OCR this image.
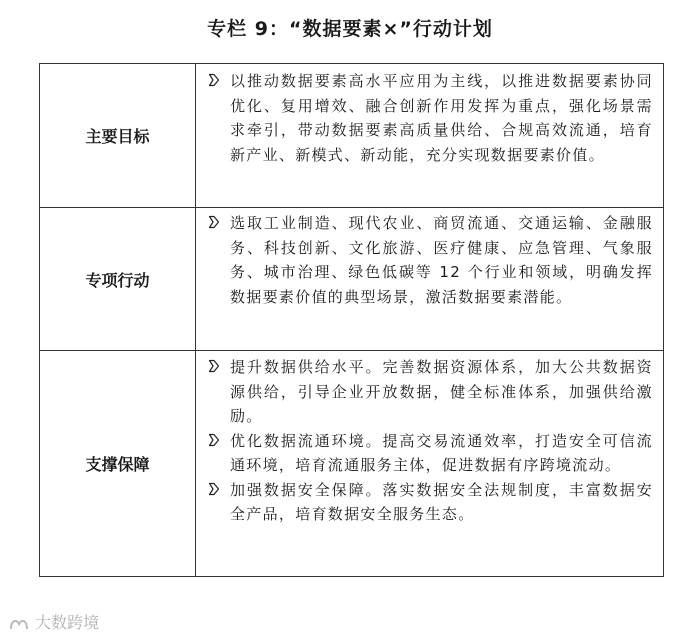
专栏 9：“数据要素×”行动计划
主要目标
以推动数据要素高水平应用为主线，以推进数据要素协同优化、复用增效、融合创新作用发挥为重点，强化场景需求牵引，带动数据要素高质量供给、合规高效流通，培育新产业、新模式、新动能，充分实现数据要素价值。
专项行动
选取工业制造、现代农业、商贸流通、交通运输、金融服务、科技创新、文化旅游、医疗健康、应急管理、气象服务、城市治理、绿色低碳等 12 个行业和领域，明确发挥数据要素价值的典型场景，激活数据要素潜能。
支撑保障
提升数据供给水平。完善数据资源体系，加大公共数据资源供给，引导企业开放数据，健全标准体系，加强供给激励。
优化数据流通环境。提高交易流通效率，打造安全可信流通环境，培育流通服务主体，促进数据有序跨境流动。
加强数据安全保障。落实数据安全法规制度，丰富数据安全产品，培育数据安全服务生态。
大数跨境
